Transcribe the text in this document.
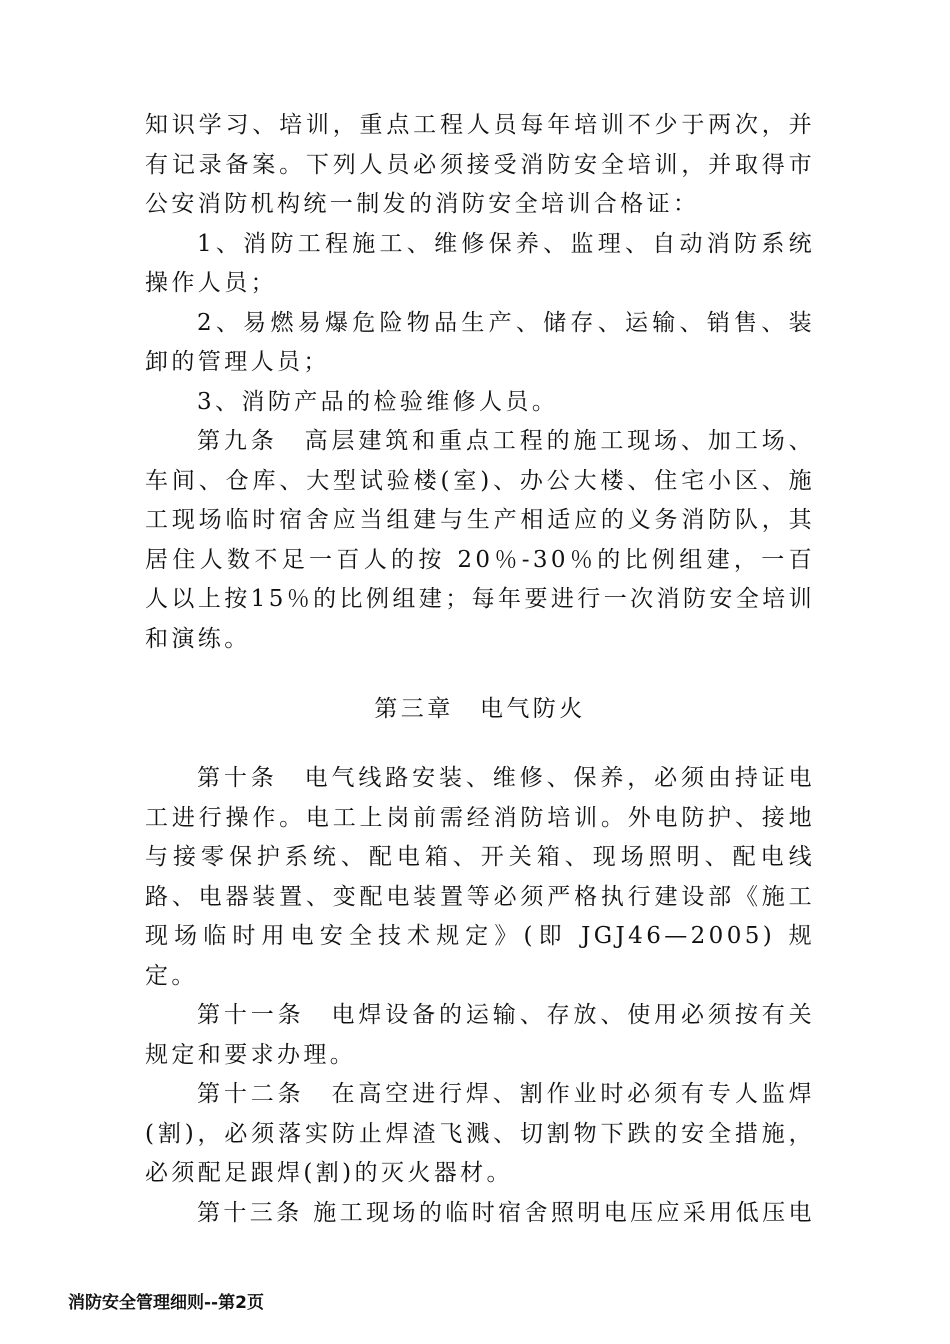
知识学习、培训，重点工程人员每年培训不少于两次，并有记录备案。下列人员必须接受消防安全培训，并取得市公安消防机构统一制发的消防安全培训合格证：

1、消防工程施工、维修保养、监理、自动消防系统操作人员；

2、易燃易爆危险物品生产、储存、运输、销售、装卸的管理人员；

3、消防产品的检验维修人员。

第九条　高层建筑和重点工程的施工现场、加工场、车间、仓库、大型试验楼(室)、办公大楼、住宅小区、施工现场临时宿舍应当组建与生产相适应的义务消防队，其居住人数不足一百人的按 20％-30％的比例组建，一百人以上按15％的比例组建；每年要进行一次消防安全培训和演练。

第三章　电气防火

第十条　电气线路安装、维修、保养，必须由持证电工进行操作。电工上岗前需经消防培训。外电防护、接地与接零保护系统、配电箱、开关箱、现场照明、配电线路、电器装置、变配电装置等必须严格执行建设部《施工现场临时用电安全技术规定》(即 JGJ46—2005) 规定。

第十一条　电焊设备的运输、存放、使用必须按有关规定和要求办理。

第十二条　在高空进行焊、割作业时必须有专人监焊(割)，必须落实防止焊渣飞溅、切割物下跌的安全措施，必须配足跟焊(割)的灭火器材。

第十三条 施工现场的临时宿舍照明电压应采用低压电

消防安全管理细则--第2页
